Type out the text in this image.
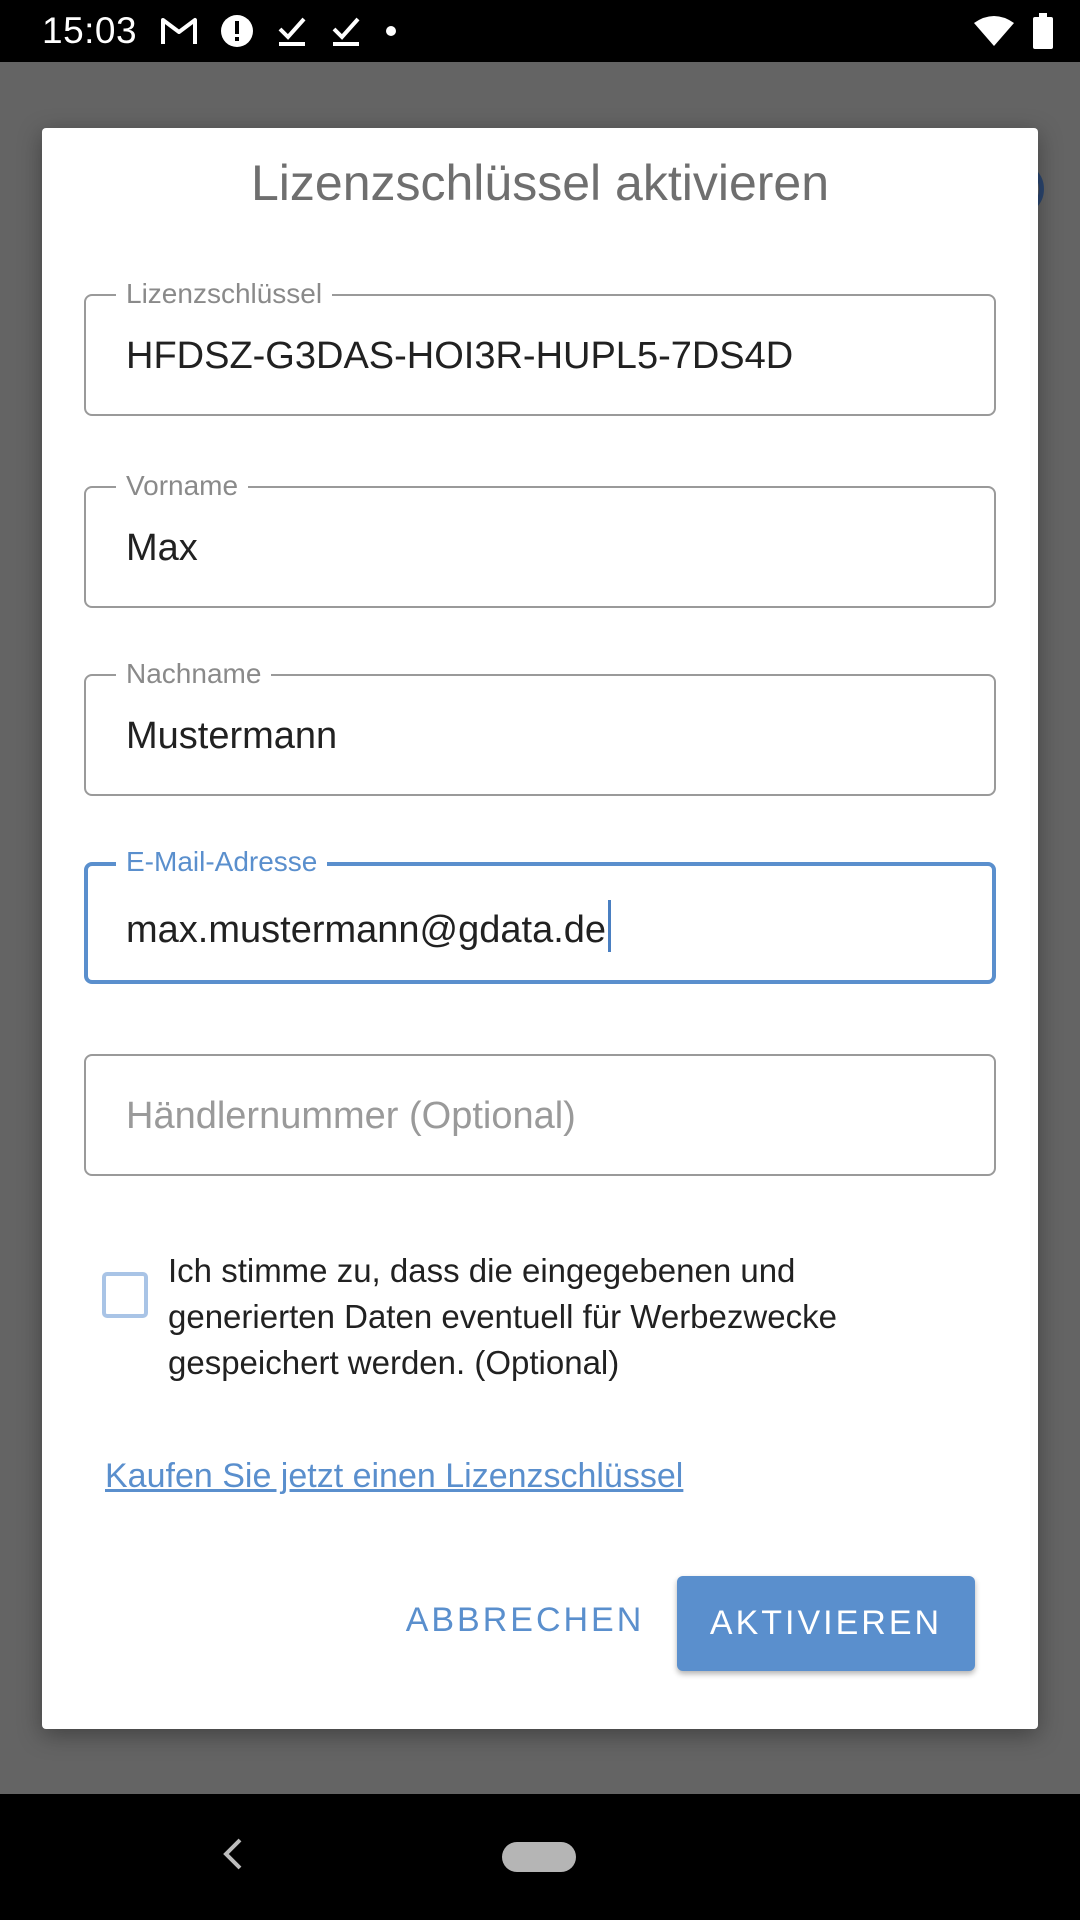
15:03
Lizenzschlüssel aktivieren
Lizenzschlüssel
HFDSZ-G3DAS-HOI3R-HUPL5-7DS4D
Vorname
Max
Nachname
Mustermann
E-Mail-Adresse
max.mustermann@gdata.de
Händlernummer (Optional)
Ich stimme zu, dass die eingegebenen und generierten Daten eventuell für Werbezwecke gespeichert werden. (Optional)
Kaufen Sie jetzt einen Lizenzschlüssel
ABBRECHEN	AKTIVIEREN
